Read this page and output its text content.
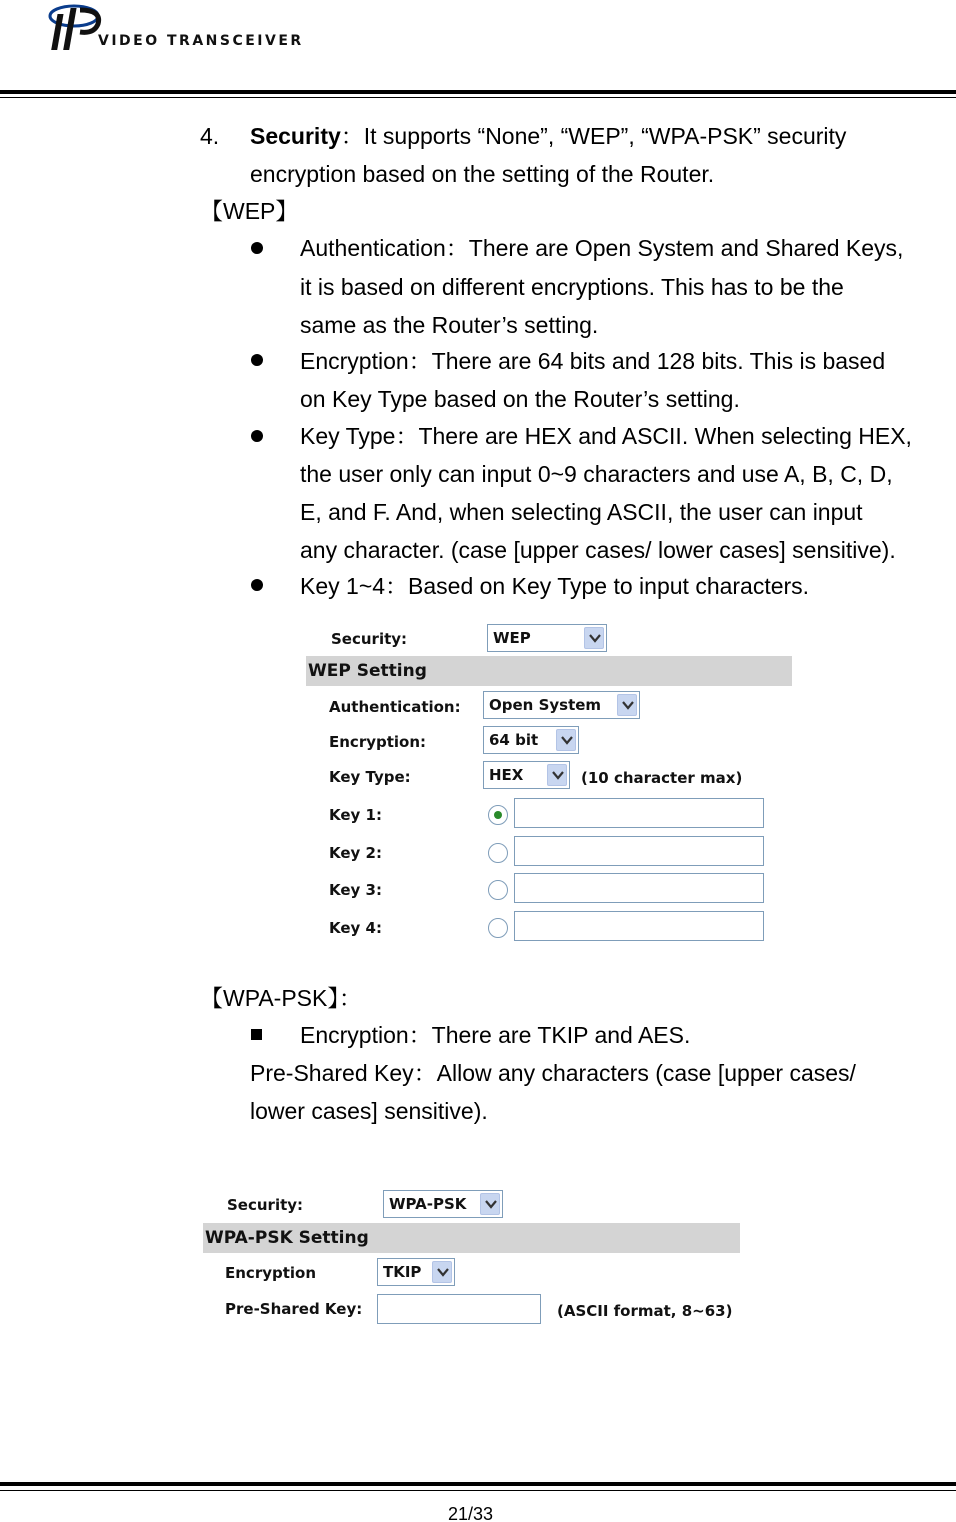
VIDEO TRANSCEIVER
4. Security：It supports “None”, “WEP”, “WPA-PSK” security
encryption based on the setting of the Router.
【WEP】
Authentication：There are Open System and Shared Keys,
it is based on different encryptions. This has to be the
same as the Router’s setting.
Encryption：There are 64 bits and 128 bits. This is based
on Key Type based on the Router’s setting.
Key Type：There are HEX and ASCII. When selecting HEX,
the user only can input 0~9 characters and use A, B, C, D,
E, and F. And, when selecting ASCII, the user can input
any character. (case [upper cases/ lower cases] sensitive).
Key 1~4：Based on Key Type to input characters.
Security:	WEP
WEP Setting
Authentication:	Open System
Encryption:	64 bit
Key Type:	HEX	(10 character max)
Key 1:
Key 2:
Key 3:
Key 4:
【WPA-PSK】：
Encryption：There are TKIP and AES.
Pre-Shared Key：Allow any characters (case [upper cases/
lower cases] sensitive).
Security:	WPA-PSK
WPA-PSK Setting
Encryption	TKIP
Pre-Shared Key:	(ASCII format, 8~63)
21/33
